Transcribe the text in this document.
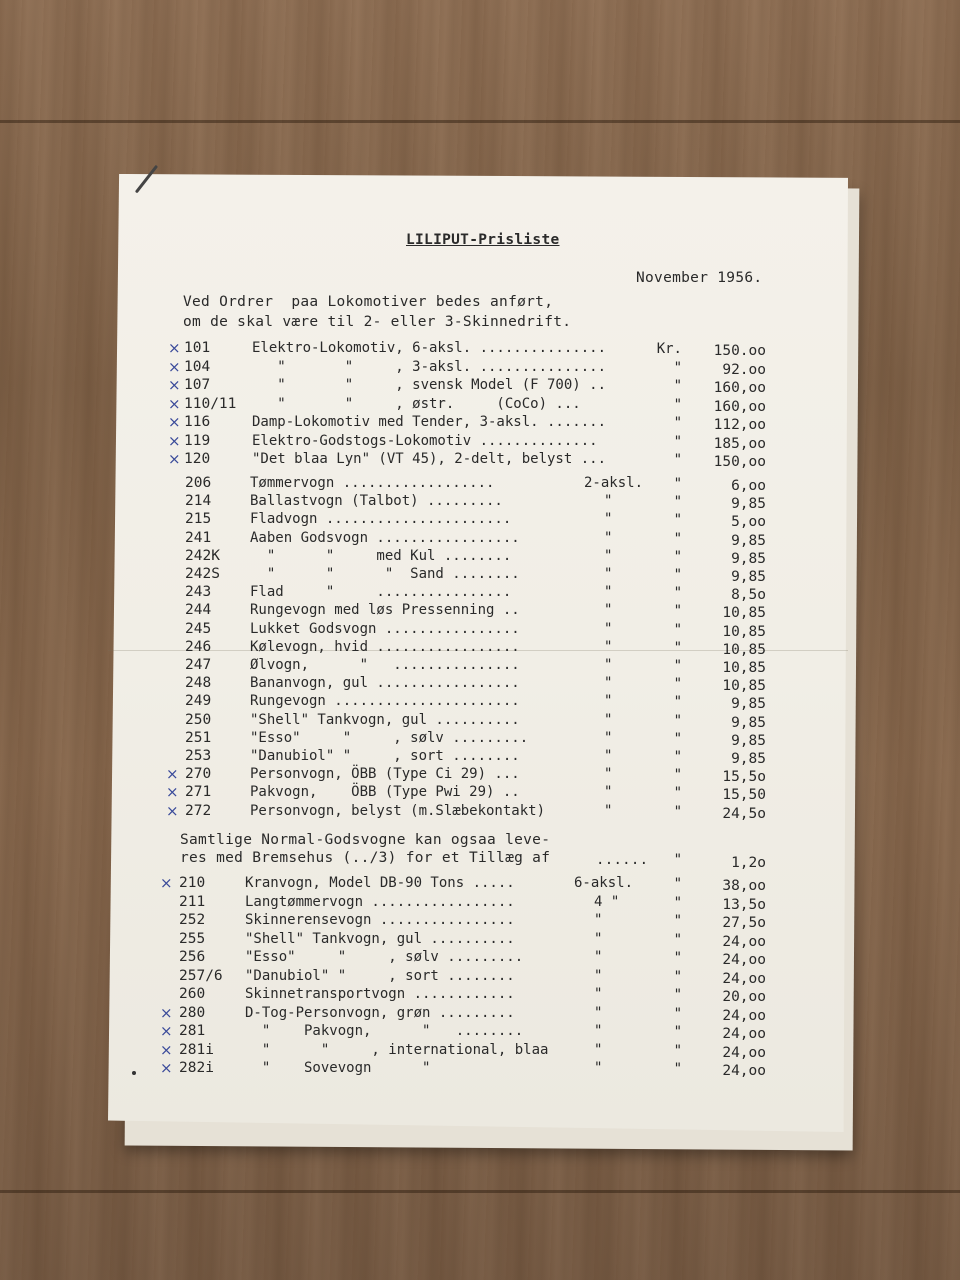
LILIPUT-Prisliste
November 1956.
Ved Ordrer  paa Lokomotiver bedes anført,
om de skal være til 2- eller 3-Skinnedrift.
× 101	Elektro-Lokomotiv, 6-aksl. ...............	Kr.	150.oo
× 104	"       "     , 3-aksl. ...............	"	92.oo
× 107	"       "     , svensk Model (F 700) ..	"	160,oo
× 110/11 "       "     , østr.     (CoCo) ...	"	160,oo
× 116	Damp-Lokomotiv med Tender, 3-aksl. .......	"	112,oo
× 119	Elektro-Godstogs-Lokomotiv ..............	"	185,oo
× 120	"Det blaa Lyn" (VT 45), 2-delt, belyst ...	"	150,oo
206	Tømmervogn ..................	2-aksl.	"	6,oo
214	Ballastvogn (Talbot) .........	"	"	9,85
215	Fladvogn ......................	"	"	5,oo
241	Aaben Godsvogn .................	"	"	9,85
242K "      "     med Kul ........	"	"	9,85
242S "      "      "  Sand ........	"	"	9,85
243	Flad     "     ................	"	"	8,5o
244	Rungevogn med løs Pressenning ..	"	"	10,85
245	Lukket Godsvogn ................	"	"	10,85
246	Kølevogn, hvid .................	"	"	10,85
247	Ølvogn,      "   ...............	"	"	10,85
248	Bananvogn, gul .................	"	"	10,85
249	Rungevogn ......................	"	"	9,85
250	"Shell" Tankvogn, gul ..........	"	"	9,85
251	"Esso"     "     , sølv .........	"	"	9,85
253	"Danubiol" "     , sort ........	"	"	9,85
× 270	Personvogn, ÖBB (Type Ci 29) ...	"	"	15,5o
× 271	Pakvogn,    ÖBB (Type Pwi 29) ..	"	"	15,50
× 272	Personvogn, belyst (m.Slæbekontakt)	"	"	24,5o
× 210	Kranvogn, Model DB-90 Tons .....	6-aksl.	"	38,oo
211	Langtømmervogn .................	4 "	"	13,5o
252	Skinnerensevogn ................	"	"	27,5o
255	"Shell" Tankvogn, gul ..........	"	"	24,oo
256	"Esso"     "     , sølv .........	"	"	24,oo
257/6 "Danubiol" "     , sort ........	"	"	24,oo
260	Skinnetransportvogn ............	"	"	20,oo
× 280	D-Tog-Personvogn, grøn .........	"	"	24,oo
× 281	"    Pakvogn,      "   ........	"	"	24,oo
× 281i "      "     , international, blaa	"	"	24,oo
× 282i "    Sovevogn      "	"	"	24,oo
Samtlige Normal-Godsvogne kan ogsaa leve-
res med Bremsehus (../3) for et Tillæg af	......	"	1,2o
